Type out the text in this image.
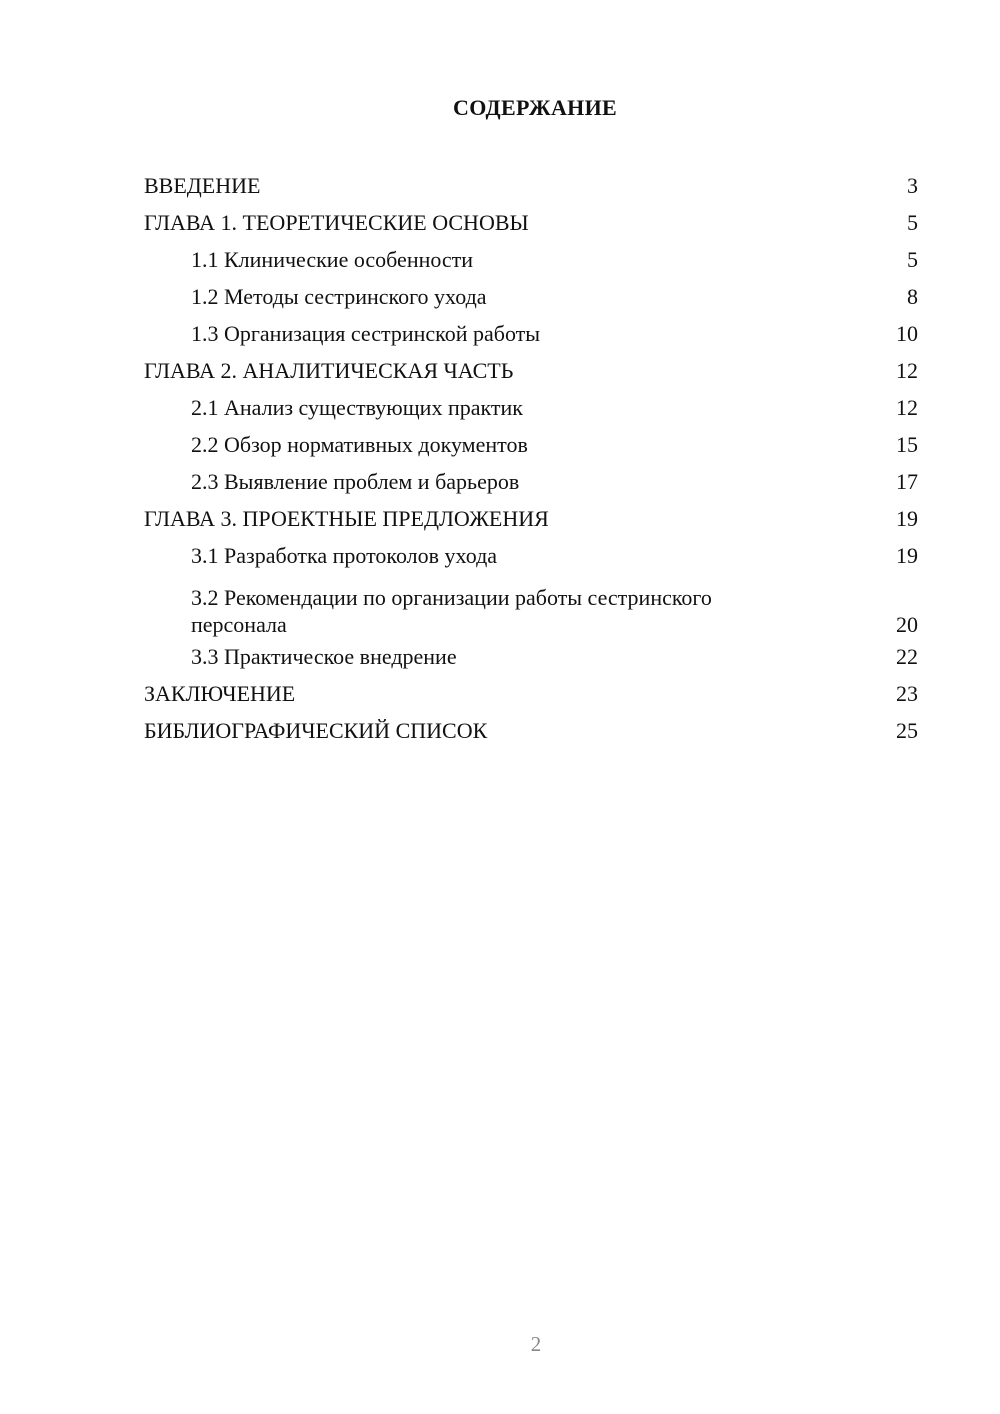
СОДЕРЖАНИЕ
ВВЕДЕНИЕ	3
ГЛАВА 1. ТЕОРЕТИЧЕСКИЕ ОСНОВЫ	5
1.1 Клинические особенности	5
1.2 Методы сестринского ухода	8
1.3 Организация сестринской работы	10
ГЛАВА 2. АНАЛИТИЧЕСКАЯ ЧАСТЬ	12
2.1 Анализ существующих практик	12
2.2 Обзор нормативных документов	15
2.3 Выявление проблем и барьеров	17
ГЛАВА 3. ПРОЕКТНЫЕ ПРЕДЛОЖЕНИЯ	19
3.1 Разработка протоколов ухода	19
3.2 Рекомендации по организации работы сестринского персонала	20
3.3 Практическое внедрение	22
ЗАКЛЮЧЕНИЕ	23
БИБЛИОГРАФИЧЕСКИЙ СПИСОК	25
2
